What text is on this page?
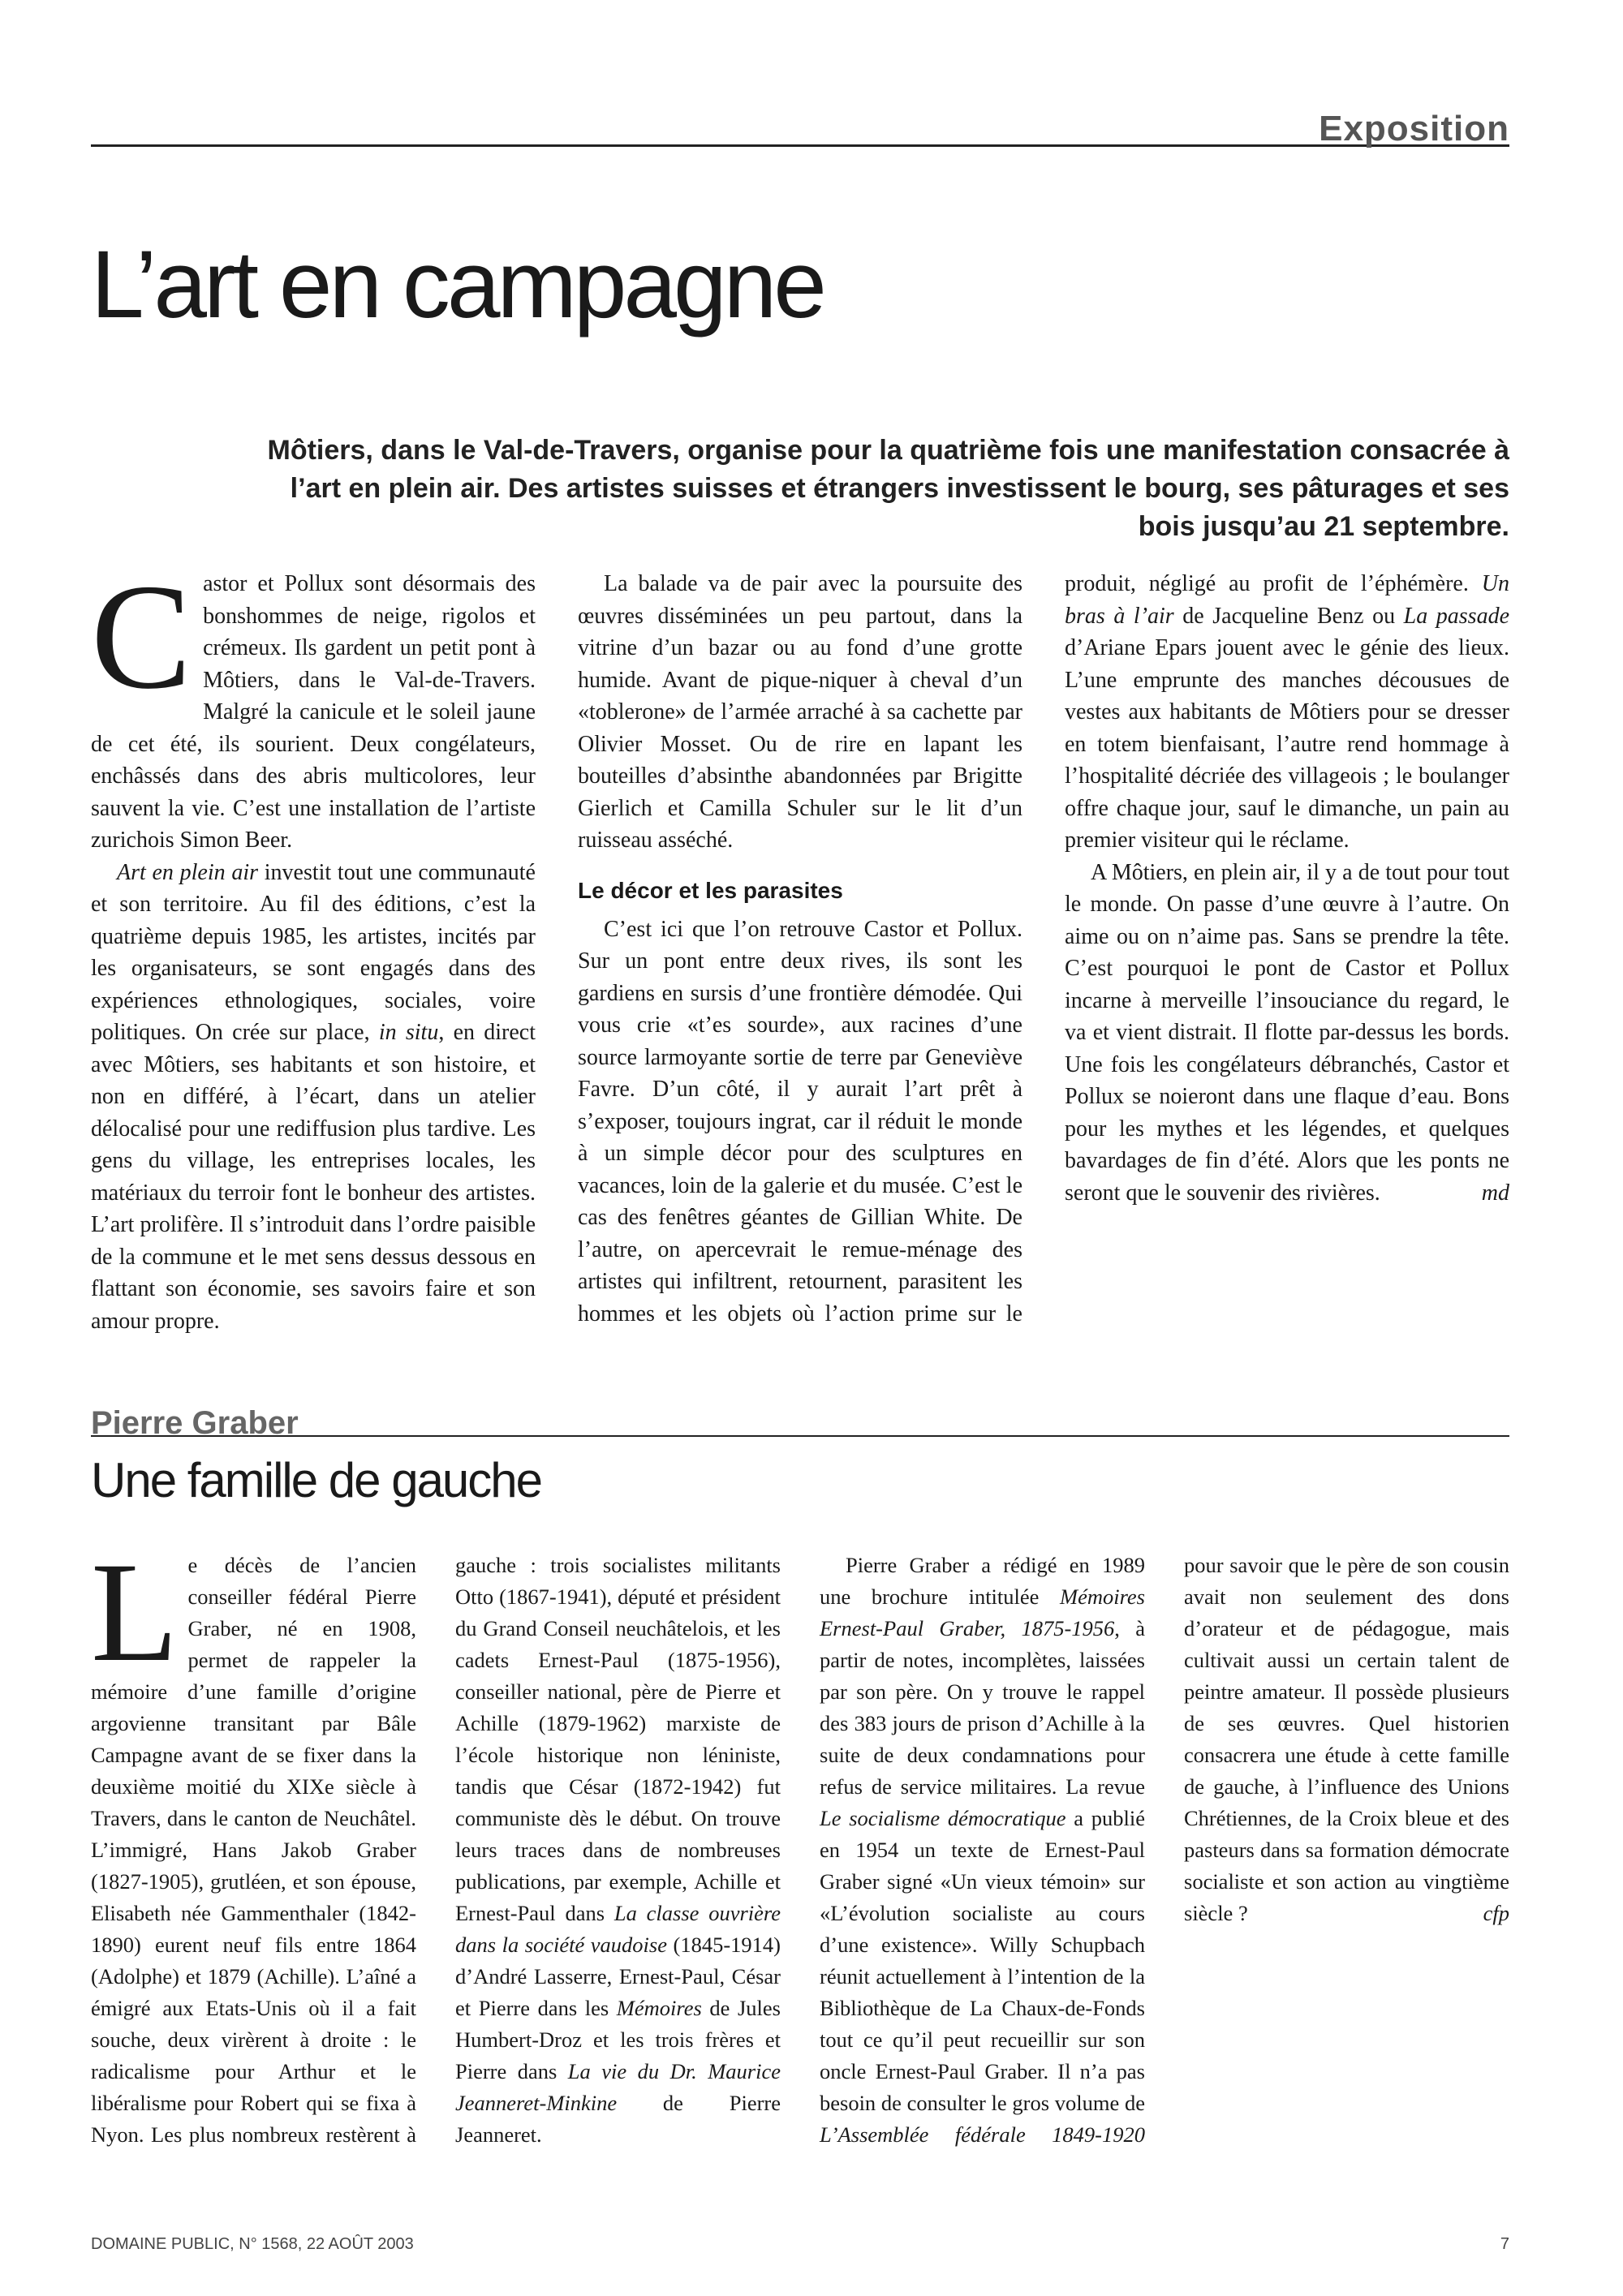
Exposition
L’art en campagne

Môtiers, dans le Val-de-Travers, organise pour la quatrième fois une manifestation consacrée à l’art en plein air. Des artistes suisses et étrangers investissent le bourg, ses pâturages et ses bois jusqu’au 21 septembre.

Castor et Pollux sont désormais des bonshommes de neige, rigolos et crémeux. Ils gardent un petit pont à Môtiers, dans le Val-de-Travers. Malgré la canicule et le soleil jaune de cet été, ils sourient. Deux congélateurs, enchâssés dans des abris multicolores, leur sauvent la vie. C’est une installation de l’artiste zurichois Simon Beer.

Art en plein air investit tout une communauté et son territoire. Au fil des éditions, c’est la quatrième depuis 1985, les artistes, incités par les organisateurs, se sont engagés dans des expériences ethnologiques, sociales, voire politiques. On crée sur place, in situ, en direct avec Môtiers, ses habitants et son histoire, et non en différé, à l’écart, dans un atelier délocalisé pour une rediffusion plus tardive. Les gens du village, les entreprises locales, les matériaux du terroir font le bonheur des artistes. L’art prolifère. Il s’introduit dans l’ordre paisible de la commune et le met sens dessus dessous en flattant son économie, ses savoirs faire et son amour propre.

La balade va de pair avec la poursuite des œuvres disséminées un peu partout, dans la vitrine d’un bazar ou au fond d’une grotte humide. Avant de pique-niquer à cheval d’un «toblerone» de l’armée arraché à sa cachette par Olivier Mosset. Ou de rire en lapant les bouteilles d’absinthe abandonnées par Brigitte Gierlich et Camilla Schuler sur le lit d’un ruisseau asséché.

Le décor et les parasites

C’est ici que l’on retrouve Castor et Pollux. Sur un pont entre deux rives, ils sont les gardiens en sursis d’une frontière démodée. Qui vous crie «t’es sourde», aux racines d’une source larmoyante sortie de terre par Geneviève Favre. D’un côté, il y aurait l’art prêt à s’exposer, toujours ingrat, car il réduit le monde à un simple décor pour des sculptures en vacances, loin de la galerie et du musée. C’est le cas des fenêtres géantes de Gillian White. De l’autre, on apercevrait le remue-ménage des artistes qui infiltrent, retournent, parasitent les hommes et les objets où l’action prime sur le produit, négligé au profit de l’éphémère. Un bras à l’air de Jacqueline Benz ou La passade d’Ariane Epars jouent avec le génie des lieux. L’une emprunte des manches décousues de vestes aux habitants de Môtiers pour se dresser en totem bienfaisant, l’autre rend hommage à l’hospitalité décriée des villageois ; le boulanger offre chaque jour, sauf le dimanche, un pain au premier visiteur qui le réclame.

A Môtiers, en plein air, il y a de tout pour tout le monde. On passe d’une œuvre à l’autre. On aime ou on n’aime pas. Sans se prendre la tête. C’est pourquoi le pont de Castor et Pollux incarne à merveille l’insouciance du regard, le va et vient distrait. Il flotte par-dessus les bords. Une fois les congélateurs débranchés, Castor et Pollux se noieront dans une flaque d’eau. Bons pour les mythes et les légendes, et quelques bavardages de fin d’été. Alors que les ponts ne seront que le souvenir des rivières.	md

Pierre Graber
Une famille de gauche

Le décès de l’ancien conseiller fédéral Pierre Graber, né en 1908, permet de rappeler la mémoire d’une famille d’origine argovienne transitant par Bâle Campagne avant de se fixer dans la deuxième moitié du XIXe siècle à Travers, dans le canton de Neuchâtel. L’immigré, Hans Jakob Graber (1827-1905), grutléen, et son épouse, Elisabeth née Gammenthaler (1842-1890) eurent neuf fils entre 1864 (Adolphe) et 1879 (Achille). L’aîné a émigré aux Etats-Unis où il a fait souche, deux virèrent à droite : le radicalisme pour Arthur et le libéralisme pour Robert qui se fixa à Nyon. Les plus nombreux restèrent à gauche : trois socialistes militants Otto (1867-1941), député et président du Grand Conseil neuchâtelois, et les cadets Ernest-Paul (1875-1956), conseiller national, père de Pierre et Achille (1879-1962) marxiste de l’école historique non léniniste, tandis que César (1872-1942) fut communiste dès le début. On trouve leurs traces dans de nombreuses publications, par exemple, Achille et Ernest-Paul dans La classe ouvrière dans la société vaudoise (1845-1914) d’André Lasserre, Ernest-Paul, César et Pierre dans les Mémoires de Jules Humbert-Droz et les trois frères et Pierre dans La vie du Dr. Maurice Jeanneret-Minkine de Pierre Jeanneret.

Pierre Graber a rédigé en 1989 une brochure intitulée Mémoires Ernest-Paul Graber, 1875-1956, à partir de notes, incomplètes, laissées par son père. On y trouve le rappel des 383 jours de prison d’Achille à la suite de deux condamnations pour refus de service militaires. La revue Le socialisme démocratique a publié en 1954 un texte de Ernest-Paul Graber signé «Un vieux témoin» sur «L’évolution socialiste au cours d’une existence». Willy Schupbach réunit actuellement à l’intention de la Bibliothèque de La Chaux-de-Fonds tout ce qu’il peut recueillir sur son oncle Ernest-Paul Graber. Il n’a pas besoin de consulter le gros volume de L’Assemblée fédérale 1849-1920 pour savoir que le père de son cousin avait non seulement des dons d’orateur et de pédagogue, mais cultivait aussi un certain talent de peintre amateur. Il possède plusieurs de ses œuvres. Quel historien consacrera une étude à cette famille de gauche, à l’influence des Unions Chrétiennes, de la Croix bleue et des pasteurs dans sa formation démocrate socialiste et son action au vingtième siècle ?	cfp

DOMAINE PUBLIC, N° 1568, 22 AOÛT 2003	7
